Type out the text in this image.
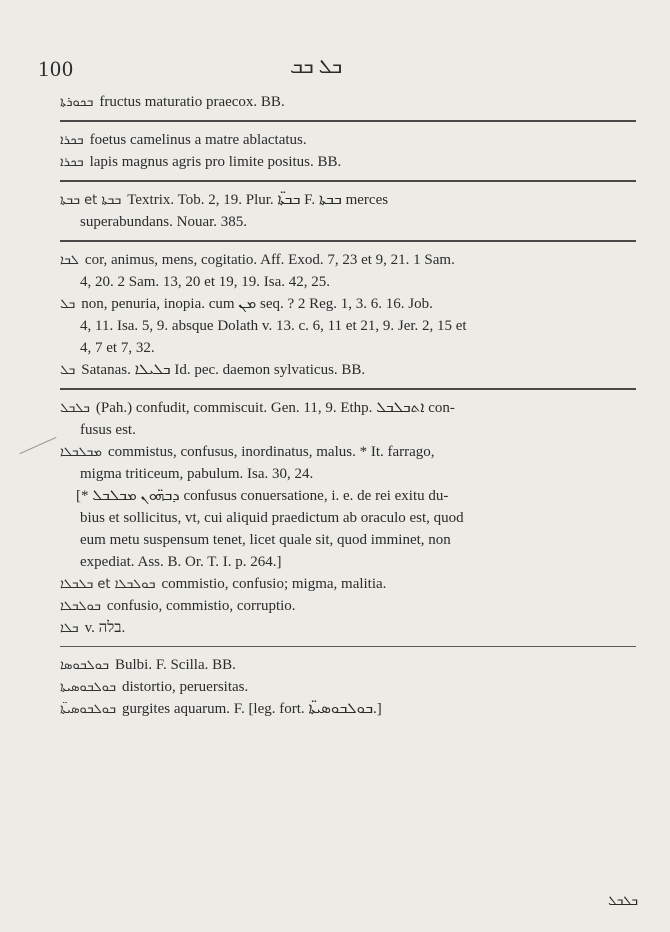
100	ܒܠ ܒܒ
ܒܟܘܪܬܐ fructus maturatio praecox. BB.
ܒܟܪܐ foetus camelinus a matre ablactatus.
ܒܟܪܐ lapis magnus agris pro limite positus. BB.
ܒܒܬܐ et ܒܒܬܐ Textrix. Tob. 2, 19. Plur. ܒܒܬ̈ܐ F. ܒܒܬܐ merces
superabundans. Nouar. 385.
ܠܒܐ cor, animus, mens, cogitatio. Aff. Exod. 7, 23 et 9, 21. 1 Sam.
4, 20. 2 Sam. 13, 20 et 19, 19. Isa. 42, 25.
ܒܠ non, penuria, inopia. cum ܡܢ seq. ? 2 Reg. 1, 3. 6. 16. Job.
4, 11. Isa. 5, 9. absque Dolath v. 13. c. 6, 11 et 21, 9. Jer. 2, 15 et
4, 7 et 7, 32.
ܒܠ Satanas. ܒܠܝܠܐ Id. pec. daemon sylvaticus. BB.
ܒܠܒܠ (Pah.) confudit, commiscuit. Gen. 11, 9. Ethp. ܐܬܒܠܒܠ con-
fusus est.
ܡܒܠܒܠܐ commistus, confusus, inordinatus, malus. * It. farrago,
migma triticeum, pabulum. Isa. 30, 24.
[* ܕܒܗ̈ܘܢ ܡܒܠܒܠ confusus conuersatione, i. e. de rei exitu du-
bius et sollicitus, vt, cui aliquid praedictum ab oraculo est, quod
eum metu suspensum tenet, licet quale sit, quod imminet, non
expediat. Ass. B. Or. T. I. p. 264.]
ܒܠܒܠܐ et ܒܘܠܒܠܐ commistio, confusio; migma, malitia.
ܒܘܠܒܠܐ confusio, commistio, corruptio.
ܒܠܐ v. בלה.
ܒܘܠܒܘܣܐ Bulbi. F. Scilla. BB.
ܒܘܠܒܘܣܝܬܐ distortio, peruersitas.
ܒܘܠܒܘܣܝܬ̈ܐ gurgites aquarum. F. [leg. fort. ܒܘܠܒܘܣܝܬ̈ܐ.]
ܒܠܒܠ
